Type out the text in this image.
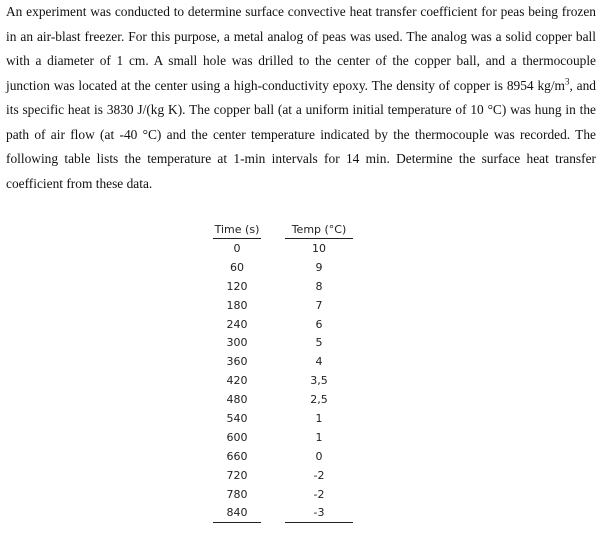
An experiment was conducted to determine surface convective heat transfer coefficient for peas being frozen in an air-blast freezer. For this purpose, a metal analog of peas was used. The analog was a solid copper ball with a diameter of 1 cm. A small hole was drilled to the center of the copper ball, and a thermocouple junction was located at the center using a high-conductivity epoxy. The density of copper is 8954 $kg/m^3$, and its specific heat is 3830 J/(kg K). The copper ball (at a uniform initial temperature of 10 °C) was hung in the path of air flow (at -40 °C) and the center temperature indicated by the thermocouple was recorded. The following table lists the temperature at 1-min intervals for 14 min. Determine the surface heat transfer coefficient from these data.

Time (s)		Temp (°C)
0		10
60		9
120		8
180		7
240		6
300		5
360		4
420		3,5
480		2,5
540		1
600		1
660		0
720		-2
780		-2
840		-3
